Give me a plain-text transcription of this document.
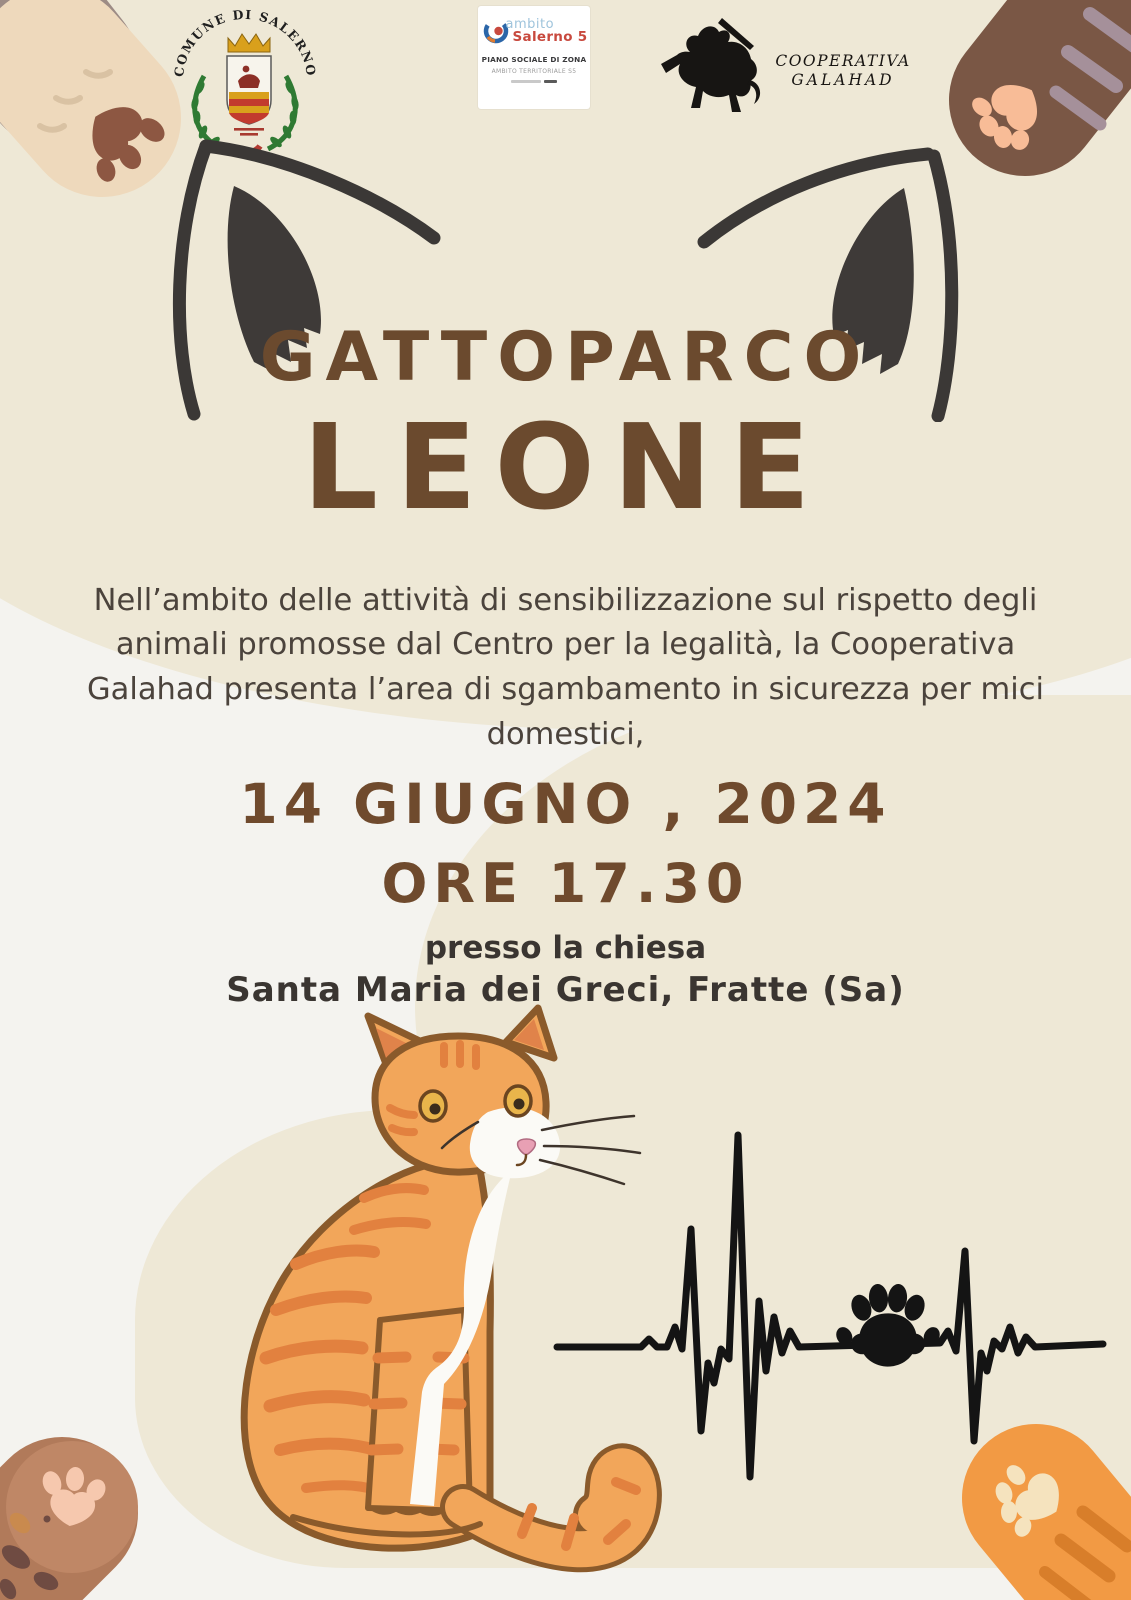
COMUNE DI SALERNO
ambito
Salerno 5
PIANO SOCIALE DI ZONA
AMBITO TERRITORIALE S5
COOPERATIVA
GALAHAD
GATTOPARCO
LEONE

Nell’ambito delle attività di sensibilizzazione sul rispetto degli animali promosse dal Centro per la legalità, la Cooperativa Galahad presenta l’area di sgambamento in sicurezza per mici domestici,

14 GIUGNO , 2024
ORE 17.30
presso la chiesa
Santa Maria dei Greci, Fratte (Sa)
